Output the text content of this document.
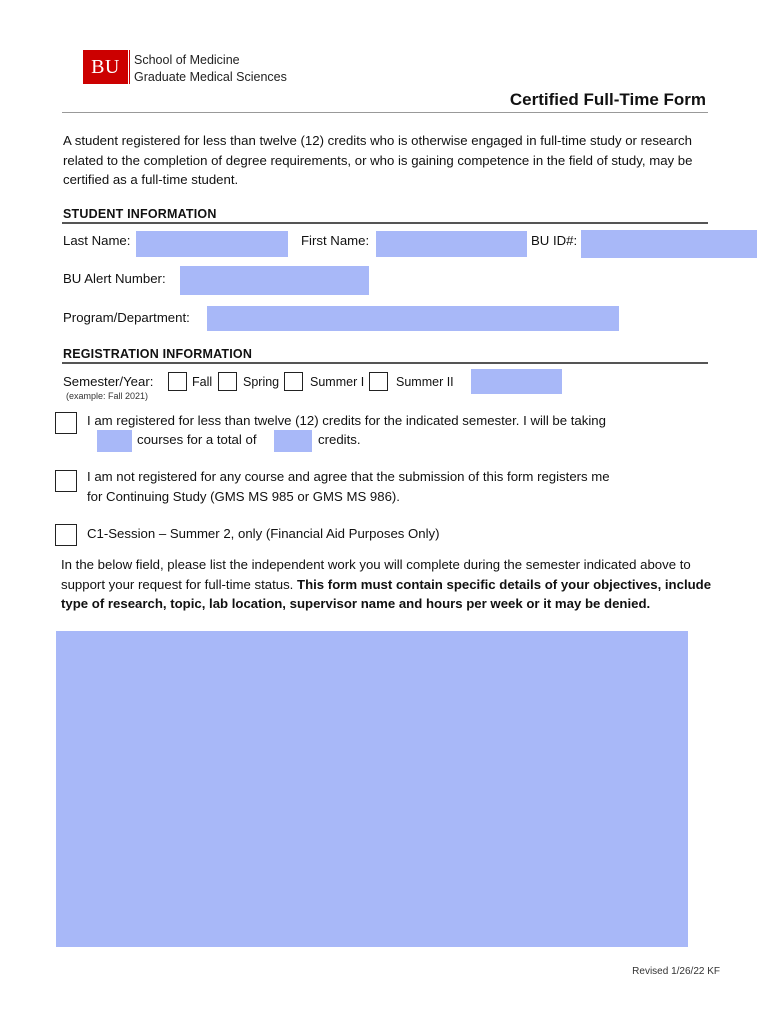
BU School of Medicine
Graduate Medical Sciences
Certified Full-Time Form
A student registered for less than twelve (12) credits who is otherwise engaged in full-time study or research related to the completion of degree requirements, or who is gaining competence in the field of study, may be certified as a full-time student.
STUDENT INFORMATION
Last Name:	First Name:	BU ID#:
BU Alert Number:
Program/Department:
REGISTRATION INFORMATION
Semester/Year:
(example: Fall 2021)
Fall Spring Summer I	Summer II
I am registered for less than twelve (12) credits for the indicated semester. I will be taking
courses for a total of	credits.
I am not registered for any course and agree that the submission of this form registers me
for Continuing Study (GMS MS 985 or GMS MS 986).
C1-Session – Summer 2, only (Financial Aid Purposes Only)
In the below field, please list the independent work you will complete during the semester indicated above to support your request for full-time status. This form must contain specific details of your objectives, include type of research, topic, lab location, supervisor name and hours per week or it may be denied.
Revised 1/26/22 KF
